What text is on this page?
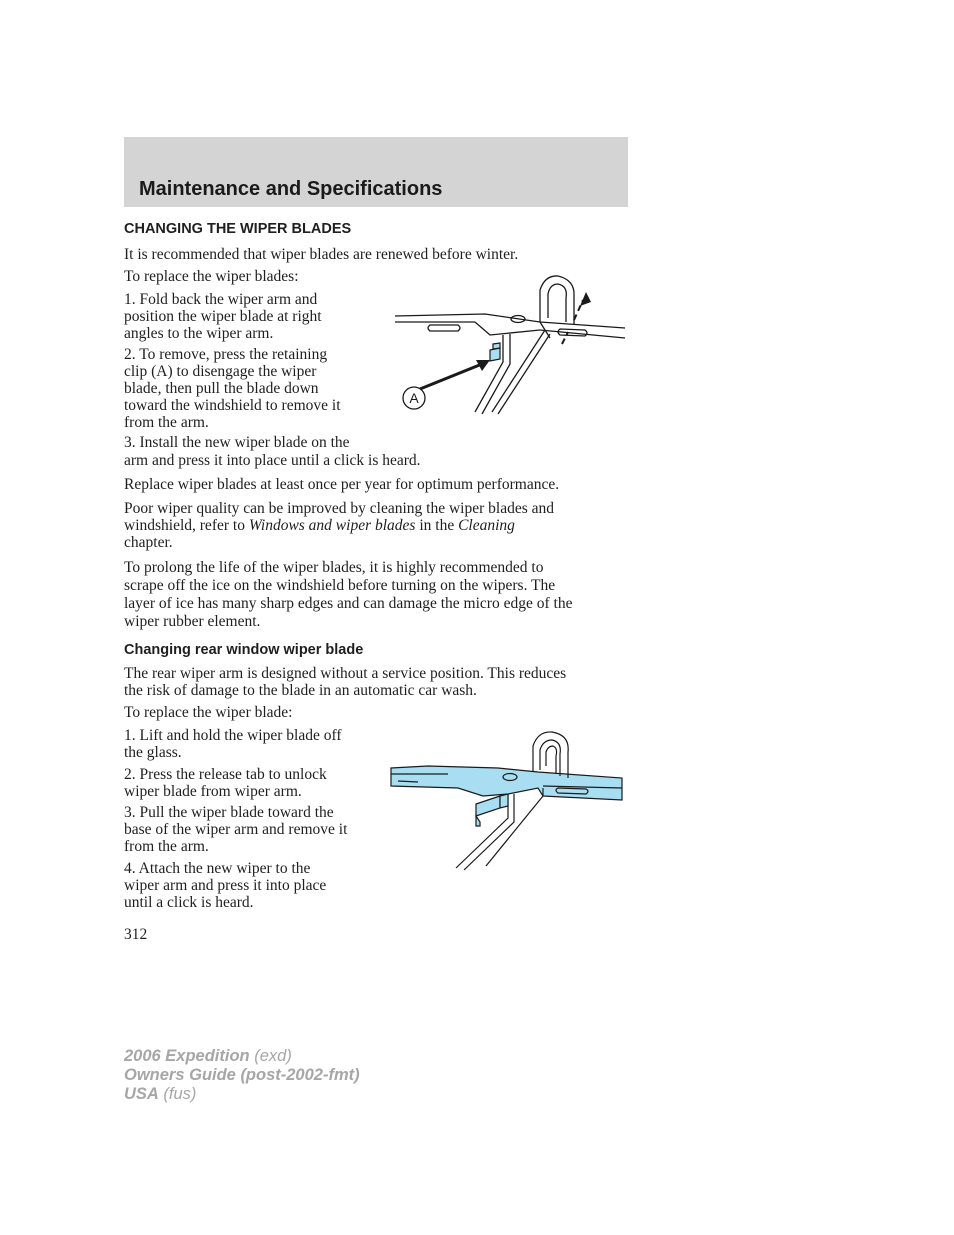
Maintenance and Specifications
CHANGING THE WIPER BLADES

It is recommended that wiper blades are renewed before winter.

To replace the wiper blades:

1. Fold back the wiper arm and
position the wiper blade at right
angles to the wiper arm.
2. To remove, press the retaining
clip (A) to disengage the wiper
blade, then pull the blade down
toward the windshield to remove it
from the arm.
3. Install the new wiper blade on the
arm and press it into place until a click is heard.

Replace wiper blades at least once per year for optimum performance.

Poor wiper quality can be improved by cleaning the wiper blades and
windshield, refer to Windows and wiper blades in the Cleaning
chapter.
To prolong the life of the wiper blades, it is highly recommended to
scrape off the ice on the windshield before turning on the wipers. The
layer of ice has many sharp edges and can damage the micro edge of the
wiper rubber element.
A
Changing rear window wiper blade
The rear wiper arm is designed without a service position. This reduces
the risk of damage to the blade in an automatic car wash.

To replace the wiper blade:

1. Lift and hold the wiper blade off
the glass.
2. Press the release tab to unlock
wiper blade from wiper arm.
3. Pull the wiper blade toward the
base of the wiper arm and remove it
from the arm.
4. Attach the new wiper to the
wiper arm and press it into place
until a click is heard.
312
2006 Expedition (exd)
Owners Guide (post-2002-fmt)
USA (fus)
